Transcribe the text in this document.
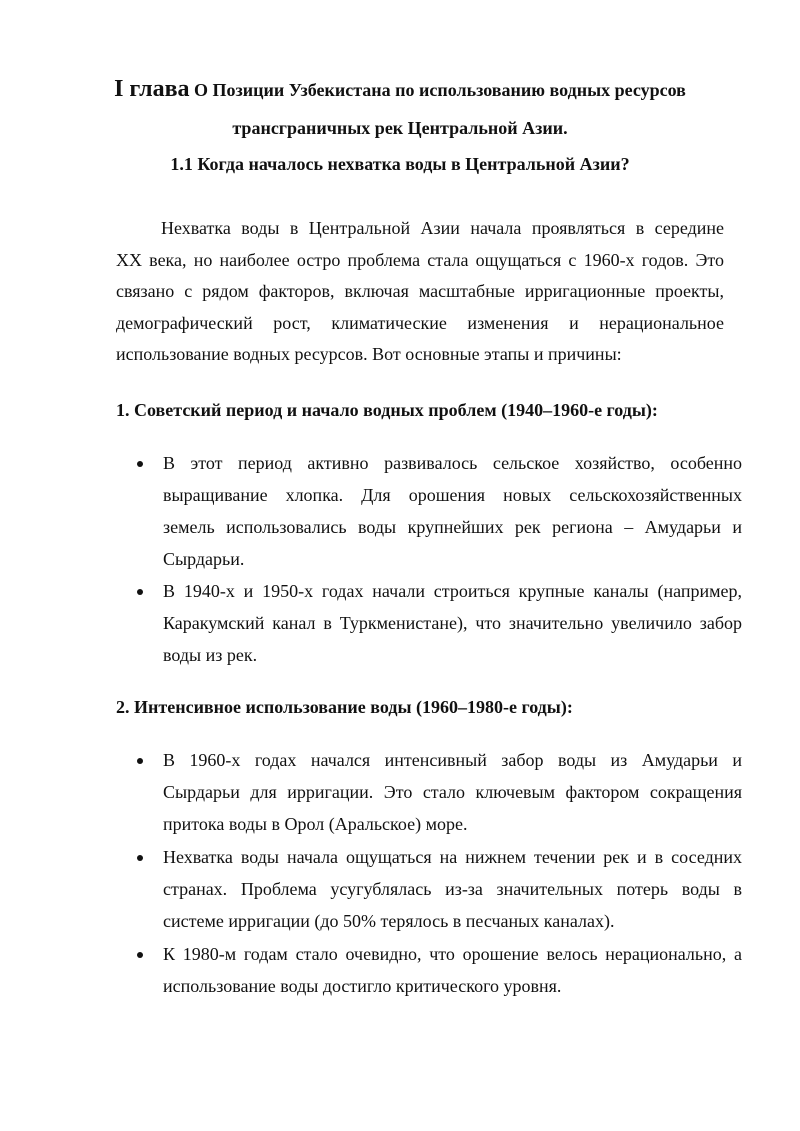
I глава О Позиции Узбекистана по использованию водных ресурсов
трансграничных рек Центральной Азии.
1.1 Когда началось нехватка воды в Центральной Азии?

Нехватка воды в Центральной Азии начала проявляться в середине
XX века, но наиболее остро проблема стала ощущаться с 1960-х годов. Это
связано с рядом факторов, включая масштабные ирригационные проекты,
демографический рост, климатические изменения и нерациональное
использование водных ресурсов. Вот основные этапы и причины:

1. Советский период и начало водных проблем (1940–1960-е годы):

В этот период активно развивалось сельское хозяйство, особенно
выращивание хлопка. Для орошения новых сельскохозяйственных
земель использовались воды крупнейших рек региона – Амударьи и
Сырдарьи.

В 1940-х и 1950-х годах начали строиться крупные каналы (например,
Каракумский канал в Туркменистане), что значительно увеличило забор
воды из рек.

2. Интенсивное использование воды (1960–1980-е годы):

В 1960-х годах начался интенсивный забор воды из Амударьи и
Сырдарьи для ирригации. Это стало ключевым фактором сокращения
притока воды в Орол (Аральское) море.

Нехватка воды начала ощущаться на нижнем течении рек и в соседних
странах. Проблема усугублялась из-за значительных потерь воды в
системе ирригации (до 50% терялось в песчаных каналах).

К 1980-м годам стало очевидно, что орошение велось нерационально, а
использование воды достигло критического уровня.
